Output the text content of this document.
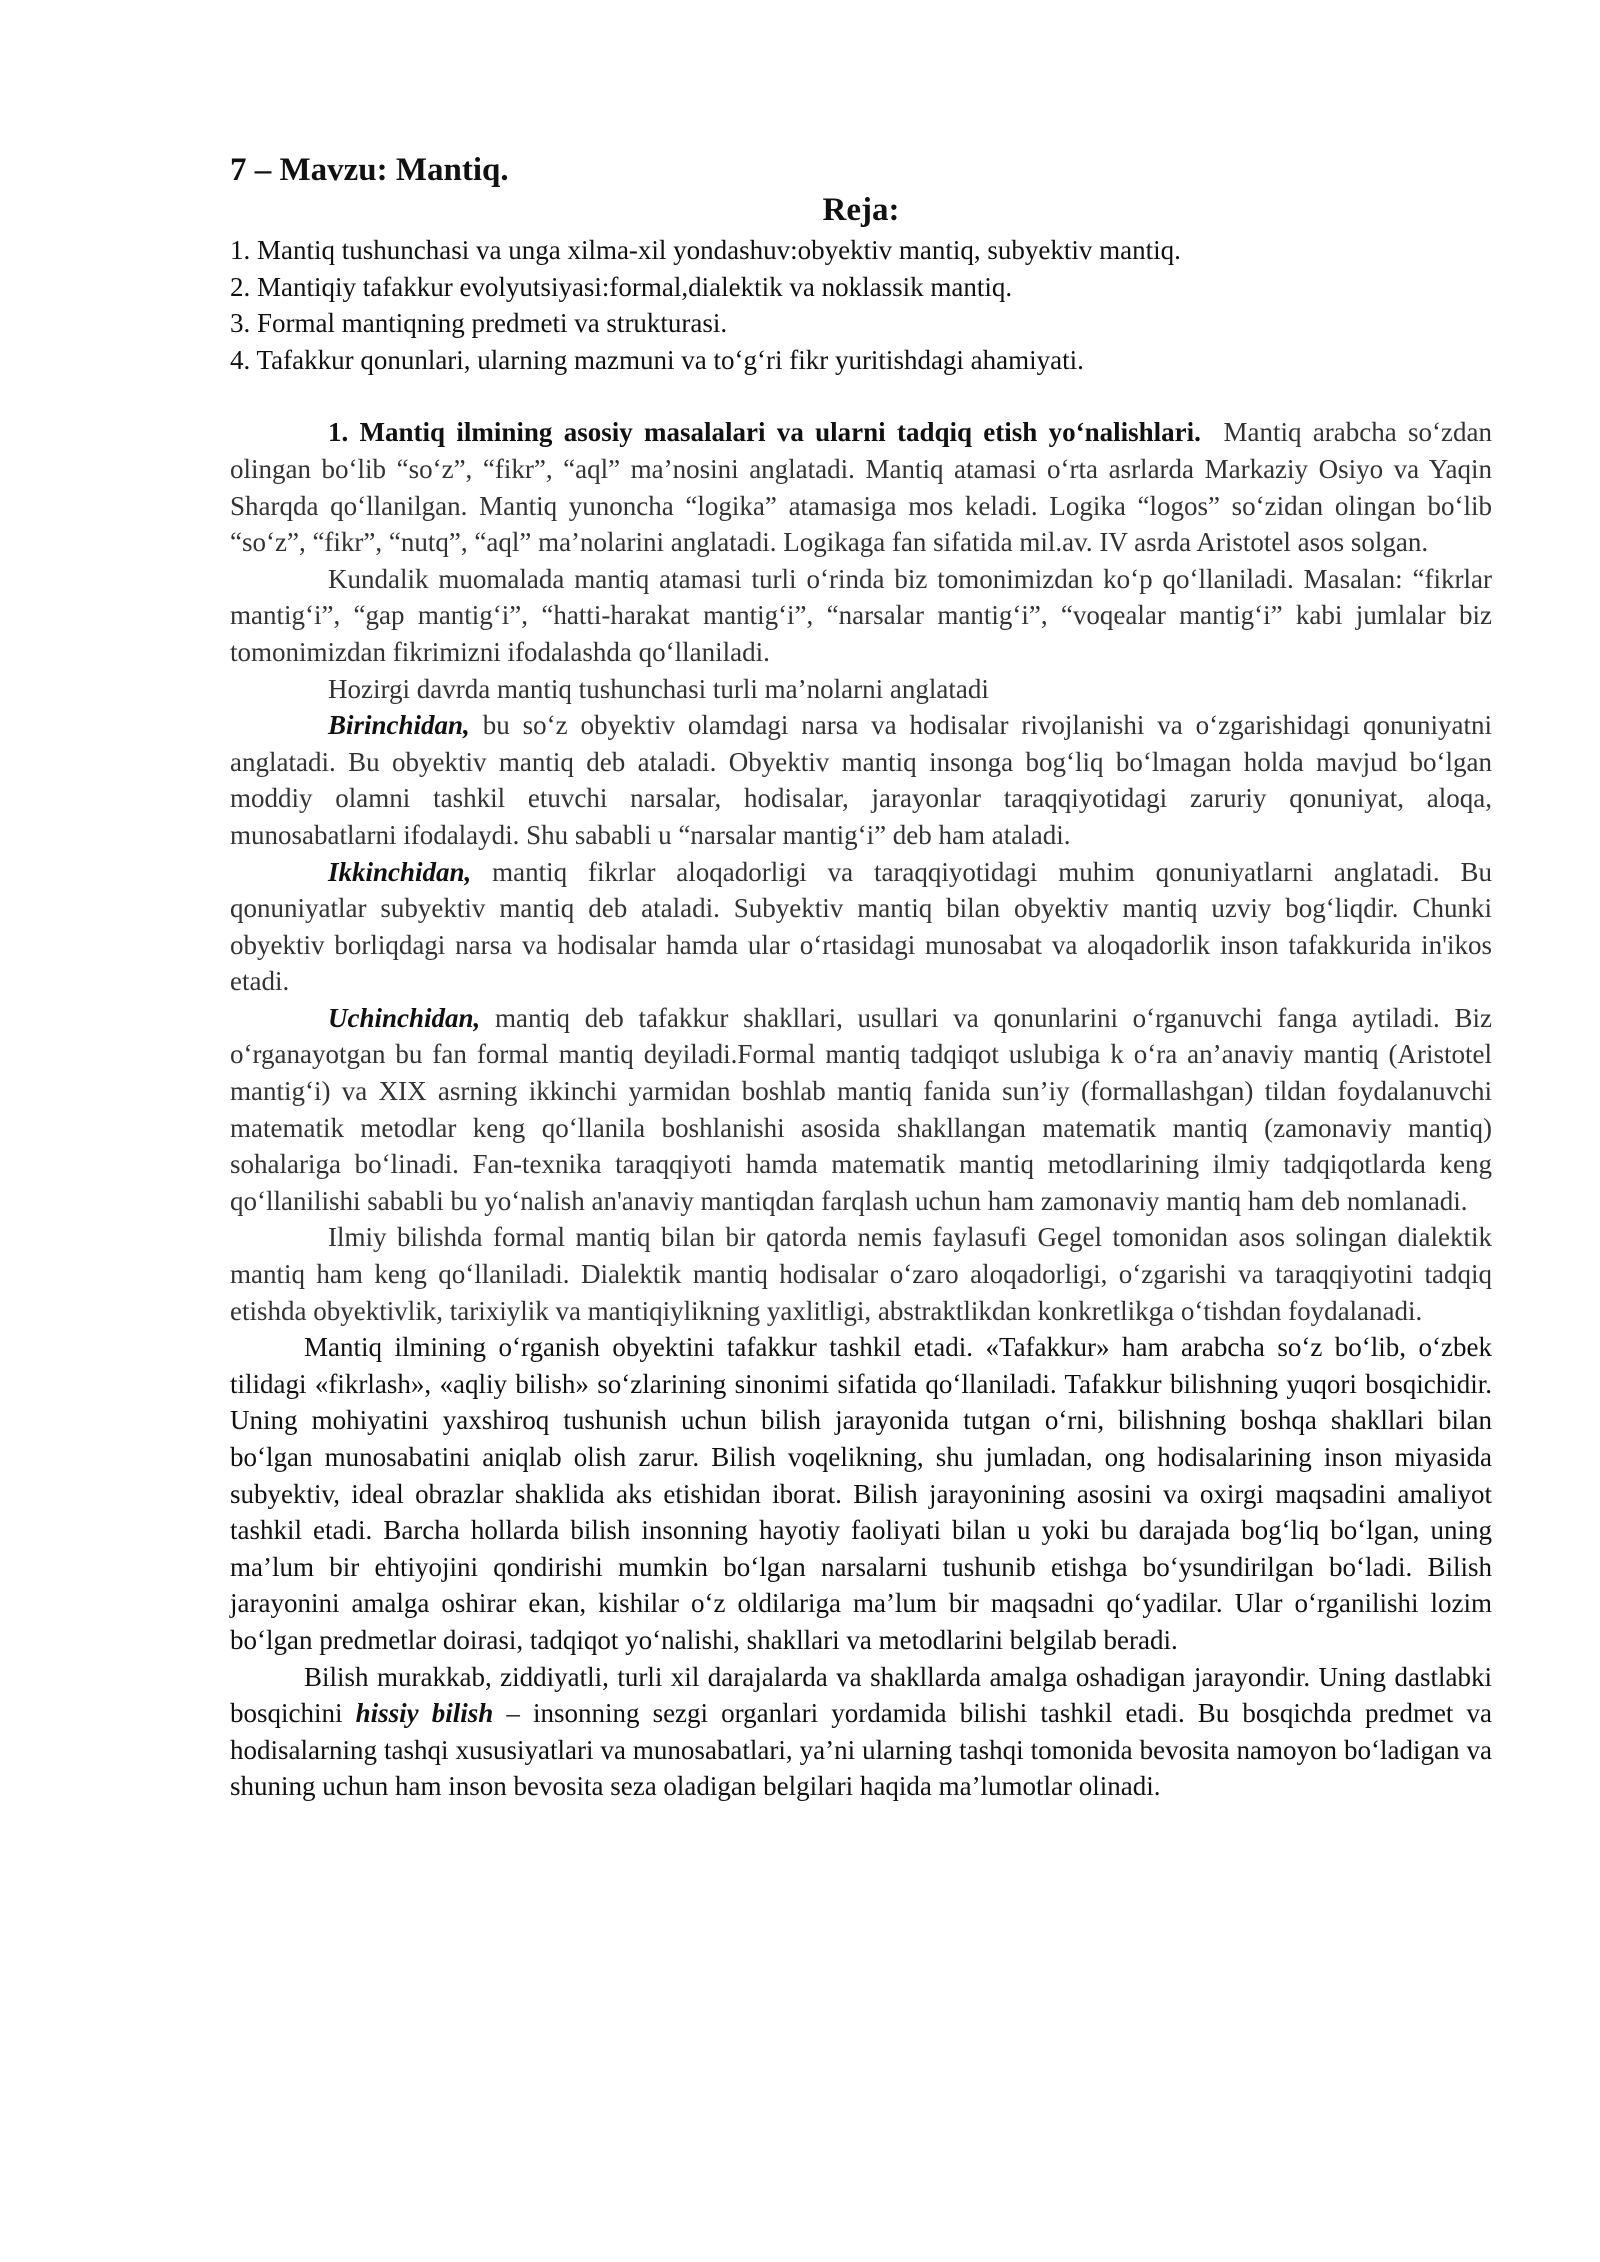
7 – Mavzu: Mantiq.
Reja:
1. Mantiq tushunchasi va unga xilma-xil yondashuv:obyektiv mantiq, subyektiv mantiq.
2. Mantiqiy tafakkur evolyutsiyasi:formal,dialektik va noklassik mantiq.
3. Formal mantiqning predmeti va strukturasi.
4. Tafakkur qonunlari, ularning mazmuni va to‘g‘ri fikr yuritishdagi ahamiyati.

1. Mantiq ilmining asosiy masalalari va ularni tadqiq etish yo‘nalishlari. Mantiq arabcha so‘zdan olingan bo‘lib “so‘z”, “fikr”, “aql” ma’nosini anglatadi. Mantiq atamasi o‘rta asrlarda Markaziy Osiyo va Yaqin Sharqda qo‘llanilgan. Mantiq yunoncha “logika” atamasiga mos keladi. Logika “logos” so‘zidan olingan bo‘lib “so‘z”, “fikr”, “nutq”, “aql” ma’nolarini anglatadi. Logikaga fan sifatida mil.av. IV asrda Aristotel asos solgan.

Kundalik muomalada mantiq atamasi turli o‘rinda biz tomonimizdan ko‘p qo‘llaniladi. Masalan: “fikrlar mantig‘i”, “gap mantig‘i”, “hatti-harakat mantig‘i”, “narsalar mantig‘i”, “voqealar mantig‘i” kabi jumlalar biz tomonimizdan fikrimizni ifodalashda qo‘llaniladi.

Hozirgi davrda mantiq tushunchasi turli ma’nolarni anglatadi

Birinchidan, bu so‘z obyektiv olamdagi narsa va hodisalar rivojlanishi va o‘zgarishidagi qonuniyatni anglatadi. Bu obyektiv mantiq deb ataladi. Obyektiv mantiq insonga bog‘liq bo‘lmagan holda mavjud bo‘lgan moddiy olamni tashkil etuvchi narsalar, hodisalar, jarayonlar taraqqiyotidagi zaruriy qonuniyat, aloqa, munosabatlarni ifodalaydi. Shu sababli u “narsalar mantig‘i” deb ham ataladi.

Ikkinchidan, mantiq fikrlar aloqadorligi va taraqqiyotidagi muhim qonuniyatlarni anglatadi. Bu qonuniyatlar subyektiv mantiq deb ataladi. Subyektiv mantiq bilan obyektiv mantiq uzviy bog‘liqdir. Chunki obyektiv borliqdagi narsa va hodisalar hamda ular o‘rtasidagi munosabat va aloqadorlik inson tafakkurida in'ikos etadi.

Uchinchidan, mantiq deb tafakkur shakllari, usullari va qonunlarini o‘rganuvchi fanga aytiladi. Biz o‘rganayotgan bu fan formal mantiq deyiladi.Formal mantiq tadqiqot uslubiga k o‘ra an’anaviy mantiq (Aristotel mantig‘i) va XIX asrning ikkinchi yarmidan boshlab mantiq fanida sun’iy (formallashgan) tildan foydalanuvchi matematik metodlar keng qo‘llanila boshlanishi asosida shakllangan matematik mantiq (zamonaviy mantiq) sohalariga bo‘linadi. Fan-texnika taraqqiyoti hamda matematik mantiq metodlarining ilmiy tadqiqotlarda keng qo‘llanilishi sababli bu yo‘nalish an'anaviy mantiqdan farqlash uchun ham zamonaviy mantiq ham deb nomlanadi.

Ilmiy bilishda formal mantiq bilan bir qatorda nemis faylasufi Gegel tomonidan asos solingan dialektik mantiq ham keng qo‘llaniladi. Dialektik mantiq hodisalar o‘zaro aloqadorligi, o‘zgarishi va taraqqiyotini tadqiq etishda obyektivlik, tarixiylik va mantiqiylikning yaxlitligi, abstraktlikdan konkretlikga o‘tishdan foydalanadi.

Mantiq ilmining o‘rganish obyektini tafakkur tashkil etadi. «Tafakkur» ham arabcha so‘z bo‘lib, o‘zbek tilidagi «fikrlash», «aqliy bilish» so‘zlarining sinonimi sifatida qo‘llaniladi. Tafakkur bilishning yuqori bosqichidir. Uning mohiyatini yaxshiroq tushunish uchun bilish jarayonida tutgan o‘rni, bilishning boshqa shakllari bilan bo‘lgan munosabatini aniqlab olish zarur. Bilish voqelikning, shu jumladan, ong hodisalarining inson miyasida subyektiv, ideal obrazlar shaklida aks etishidan iborat. Bilish jarayonining asosini va oxirgi maqsadini amaliyot tashkil etadi. Barcha hollarda bilish insonning hayotiy faoliyati bilan u yoki bu darajada bog‘liq bo‘lgan, uning ma’lum bir ehtiyojini qondirishi mumkin bo‘lgan narsalarni tushunib etishga bo‘ysundirilgan bo‘ladi. Bilish jarayonini amalga oshirar ekan, kishilar o‘z oldilariga ma’lum bir maqsadni qo‘yadilar. Ular o‘rganilishi lozim bo‘lgan predmetlar doirasi, tadqiqot yo‘nalishi, shakllari va metodlarini belgilab beradi.

Bilish murakkab, ziddiyatli, turli xil darajalarda va shakllarda amalga oshadigan jarayondir. Uning dastlabki bosqichini hissiy bilish – insonning sezgi organlari yordamida bilishi tashkil etadi. Bu bosqichda predmet va hodisalarning tashqi xususiyatlari va munosabatlari, ya’ni ularning tashqi tomonida bevosita namoyon bo‘ladigan va shuning uchun ham inson bevosita seza oladigan belgilari haqida ma’lumotlar olinadi.
